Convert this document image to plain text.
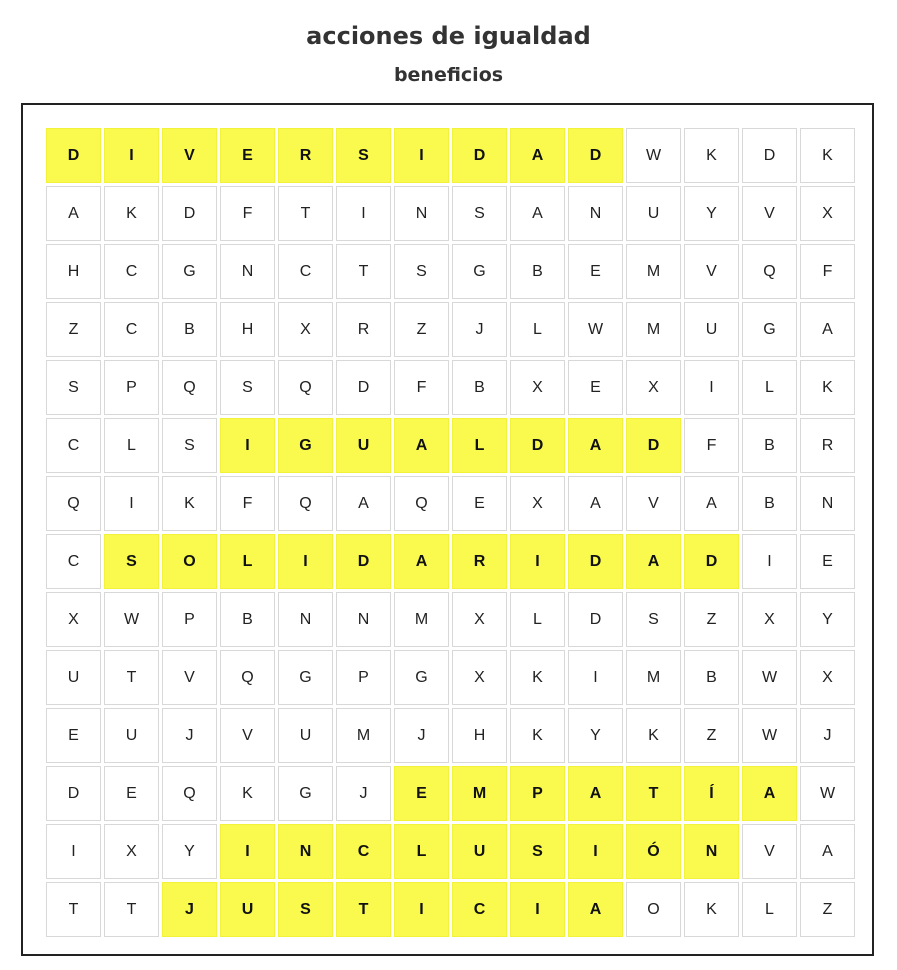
acciones de igualdad
beneficios
D	I	V	E	R	S	I	D	A	D	W	K	D	K
A	K	D	F	T	I	N	S	A	N	U	Y	V	X
H	C	G	N	C	T	S	G	B	E	M	V	Q	F
Z	C	B	H	X	R	Z	J	L	W	M	U	G	A
S	P	Q	S	Q	D	F	B	X	E	X	I	L	K
C	L	S	I	G	U	A	L	D	A	D	F	B	R
Q	I	K	F	Q	A	Q	E	X	A	V	A	B	N
C	S	O	L	I	D	A	R	I	D	A	D	I	E
X	W	P	B	N	N	M	X	L	D	S	Z	X	Y
U	T	V	Q	G	P	G	X	K	I	M	B	W	X
E	U	J	V	U	M	J	H	K	Y	K	Z	W	J
D	E	Q	K	G	J	E	M	P	A	T	Í	A	W
I	X	Y	I	N	C	L	U	S	I	Ó	N	V	A
T	T	J	U	S	T	I	C	I	A	O	K	L	Z
